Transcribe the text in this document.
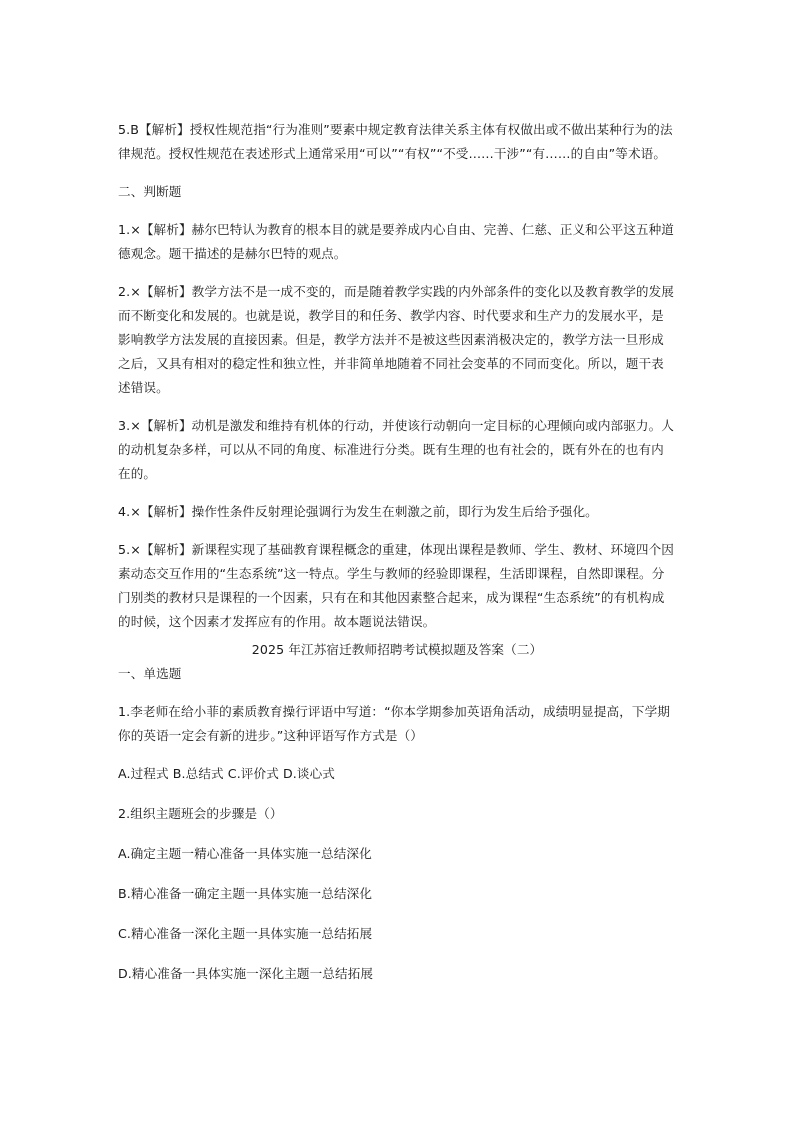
5.B【解析】授权性规范指“行为准则”要素中规定教育法律关系主体有权做出或不做出某种行为的法律规范。授权性规范在表述形式上通常采用“可以”“有权”“不受……干涉”“有……的自由”等术语。

二、判断题

1.×【解析】赫尔巴特认为教育的根本目的就是要养成内心自由、完善、仁慈、正义和公平这五种道德观念。题干描述的是赫尔巴特的观点。

2.×【解析】教学方法不是一成不变的，而是随着教学实践的内外部条件的变化以及教育教学的发展而不断变化和发展的。也就是说，教学目的和任务、教学内容、时代要求和生产力的发展水平，是影响教学方法发展的直接因素。但是，教学方法并不是被这些因素消极决定的，教学方法一旦形成之后，又具有相对的稳定性和独立性，并非简单地随着不同社会变革的不同而变化。所以，题干表述错误。

3.×【解析】动机是激发和维持有机体的行动，并使该行动朝向一定目标的心理倾向或内部驱力。人的动机复杂多样，可以从不同的角度、标准进行分类。既有生理的也有社会的，既有外在的也有内在的。

4.×【解析】操作性条件反射理论强调行为发生在刺激之前，即行为发生后给予强化。

5.×【解析】新课程实现了基础教育课程概念的重建，体现出课程是教师、学生、教材、环境四个因素动态交互作用的“生态系统”这一特点。学生与教师的经验即课程，生活即课程，自然即课程。分门别类的教材只是课程的一个因素，只有在和其他因素整合起来，成为课程“生态系统”的有机构成的时候，这个因素才发挥应有的作用。故本题说法错误。

2025 年江苏宿迁教师招聘考试模拟题及答案（二）

一、单选题

1.李老师在给小菲的素质教育操行评语中写道：“你本学期参加英语角活动，成绩明显提高，下学期你的英语一定会有新的进步。”这种评语写作方式是（）

A.过程式 B.总结式 C.评价式 D.谈心式

2.组织主题班会的步骤是（）

A.确定主题一精心准备一具体实施一总结深化

B.精心准备一确定主题一具体实施一总结深化

C.精心准备一深化主题一具体实施一总结拓展

D.精心准备一具体实施一深化主题一总结拓展
